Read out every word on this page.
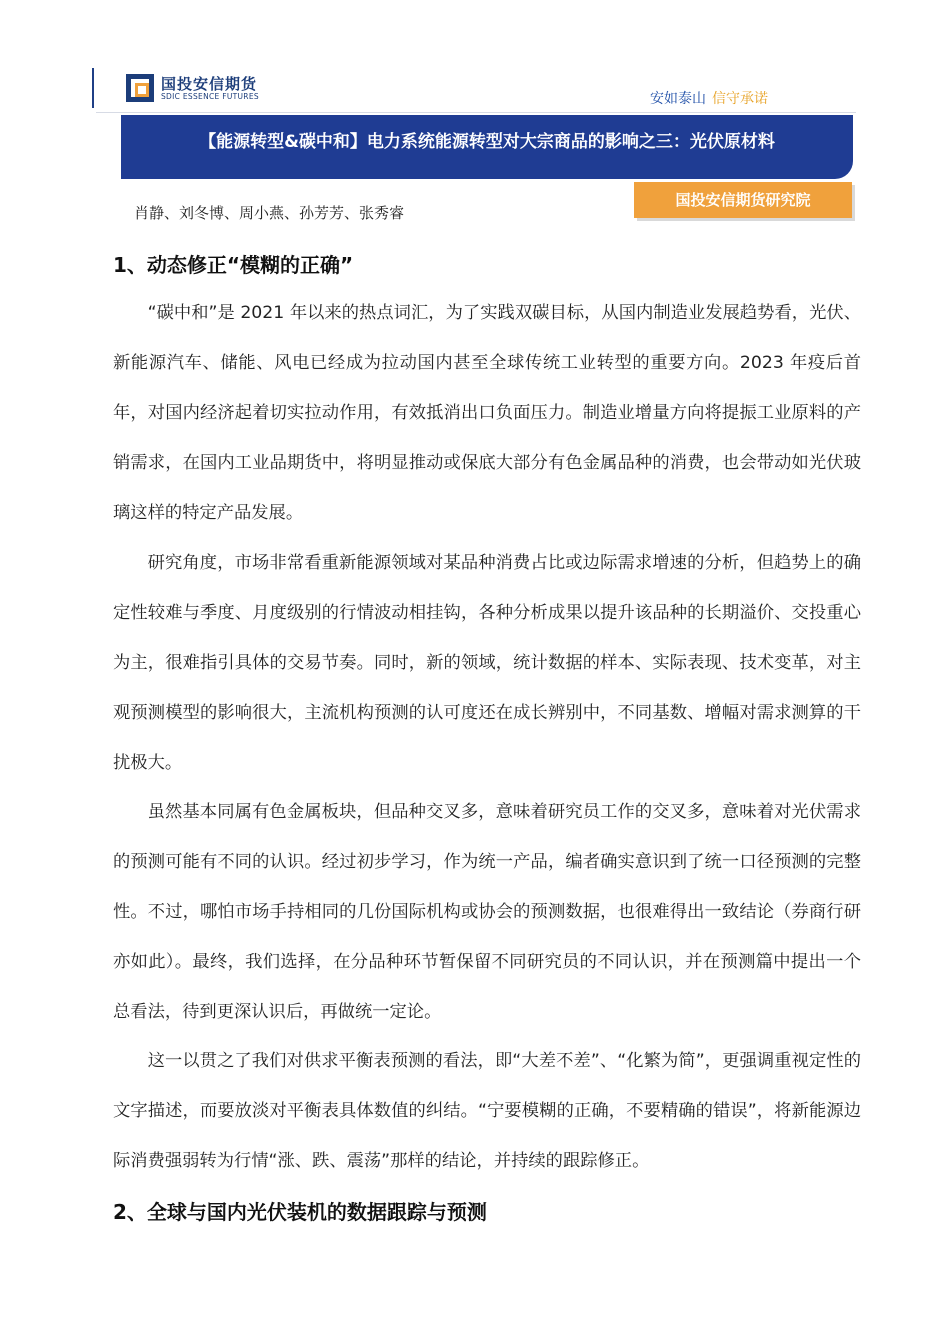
国投安信期货
SDIC ESSENCE FUTURES	安如泰山 信守承诺
【能源转型&碳中和】电力系统能源转型对大宗商品的影响之三：光伏原材料
国投安信期货研究院
肖静、刘冬博、周小燕、孙芳芳、张秀睿
1、动态修正“模糊的正确”

“碳中和”是 2021 年以来的热点词汇，为了实践双碳目标，从国内制造业发展趋势看，光伏、新能源汽车、储能、风电已经成为拉动国内甚至全球传统工业转型的重要方向。2023 年疫后首年，对国内经济起着切实拉动作用，有效抵消出口负面压力。制造业增量方向将提振工业原料的产销需求，在国内工业品期货中，将明显推动或保底大部分有色金属品种的消费，也会带动如光伏玻璃这样的特定产品发展。

研究角度，市场非常看重新能源领域对某品种消费占比或边际需求增速的分析，但趋势上的确定性较难与季度、月度级别的行情波动相挂钩，各种分析成果以提升该品种的长期溢价、交投重心为主，很难指引具体的交易节奏。同时，新的领域，统计数据的样本、实际表现、技术变革，对主观预测模型的影响很大，主流机构预测的认可度还在成长辨别中，不同基数、增幅对需求测算的干扰极大。

虽然基本同属有色金属板块，但品种交叉多，意味着研究员工作的交叉多，意味着对光伏需求的预测可能有不同的认识。经过初步学习，作为统一产品，编者确实意识到了统一口径预测的完整性。不过，哪怕市场手持相同的几份国际机构或协会的预测数据，也很难得出一致结论（券商行研亦如此）。最终，我们选择，在分品种环节暂保留不同研究员的不同认识，并在预测篇中提出一个总看法，待到更深认识后，再做统一定论。

这一以贯之了我们对供求平衡表预测的看法，即“大差不差”、“化繁为简”，更强调重视定性的文字描述，而要放淡对平衡表具体数值的纠结。“宁要模糊的正确，不要精确的错误”，将新能源边际消费强弱转为行情“涨、跌、震荡”那样的结论，并持续的跟踪修正。

2、全球与国内光伏装机的数据跟踪与预测
